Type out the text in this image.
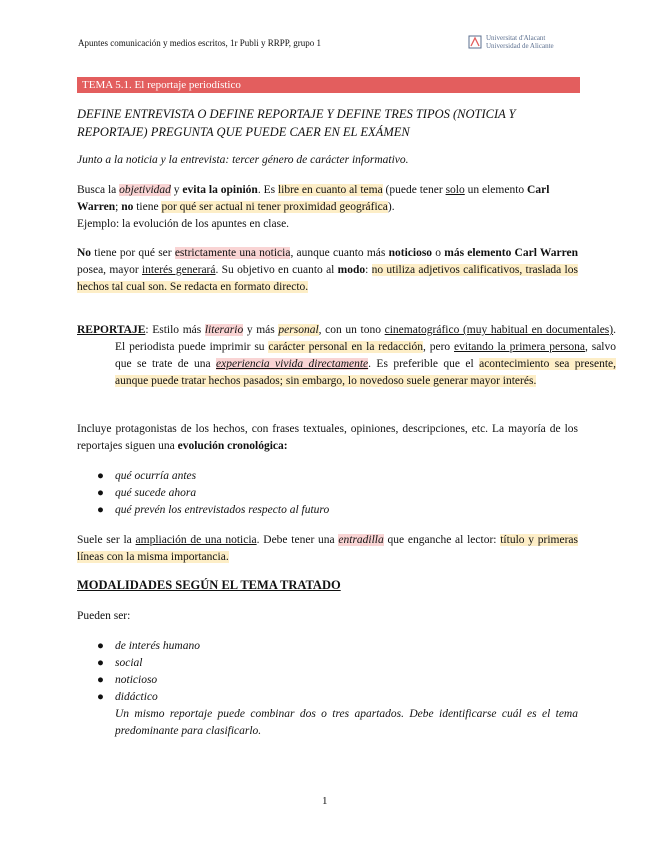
Apuntes comunicación y medios escritos, 1r Publi y RRPP, grupo 1	Universitat d'Alacant
Universidad de Alicante
TEMA 5.1. El reportaje periodístico
DEFINE ENTREVISTA O DEFINE REPORTAJE Y DEFINE TRES TIPOS (NOTICIA Y REPORTAJE) PREGUNTA QUE PUEDE CAER EN EL EXÁMEN
Junto a la noticia y la entrevista: tercer género de carácter informativo.
Busca la objetividad y evita la opinión. Es libre en cuanto al tema (puede tener solo un elemento Carl Warren; no tiene por qué ser actual ni tener proximidad geográfica).
Ejemplo: la evolución de los apuntes en clase.
No tiene por qué ser estrictamente una noticia, aunque cuanto más noticioso o más elemento Carl Warren posea, mayor interés generará. Su objetivo en cuanto al modo: no utiliza adjetivos calificativos, traslada los hechos tal cual son. Se redacta en formato directo.
REPORTAJE: Estilo más literario y más personal, con un tono cinematográfico (muy habitual en documentales). El periodista puede imprimir su carácter personal en la redacción, pero evitando la primera persona, salvo que se trate de una experiencia vivida directamente. Es preferible que el acontecimiento sea presente, aunque puede tratar hechos pasados; sin embargo, lo novedoso suele generar mayor interés.
Incluye protagonistas de los hechos, con frases textuales, opiniones, descripciones, etc. La mayoría de los reportajes siguen una evolución cronológica:
● qué ocurría antes
● qué sucede ahora
● qué prevén los entrevistados respecto al futuro
Suele ser la ampliación de una noticia. Debe tener una entradilla que enganche al lector: título y primeras líneas con la misma importancia.
MODALIDADES SEGÚN EL TEMA TRATADO
Pueden ser:
● de interés humano
● social
● noticioso
● didáctico
Un mismo reportaje puede combinar dos o tres apartados. Debe identificarse cuál es el tema predominante para clasificarlo.
1
